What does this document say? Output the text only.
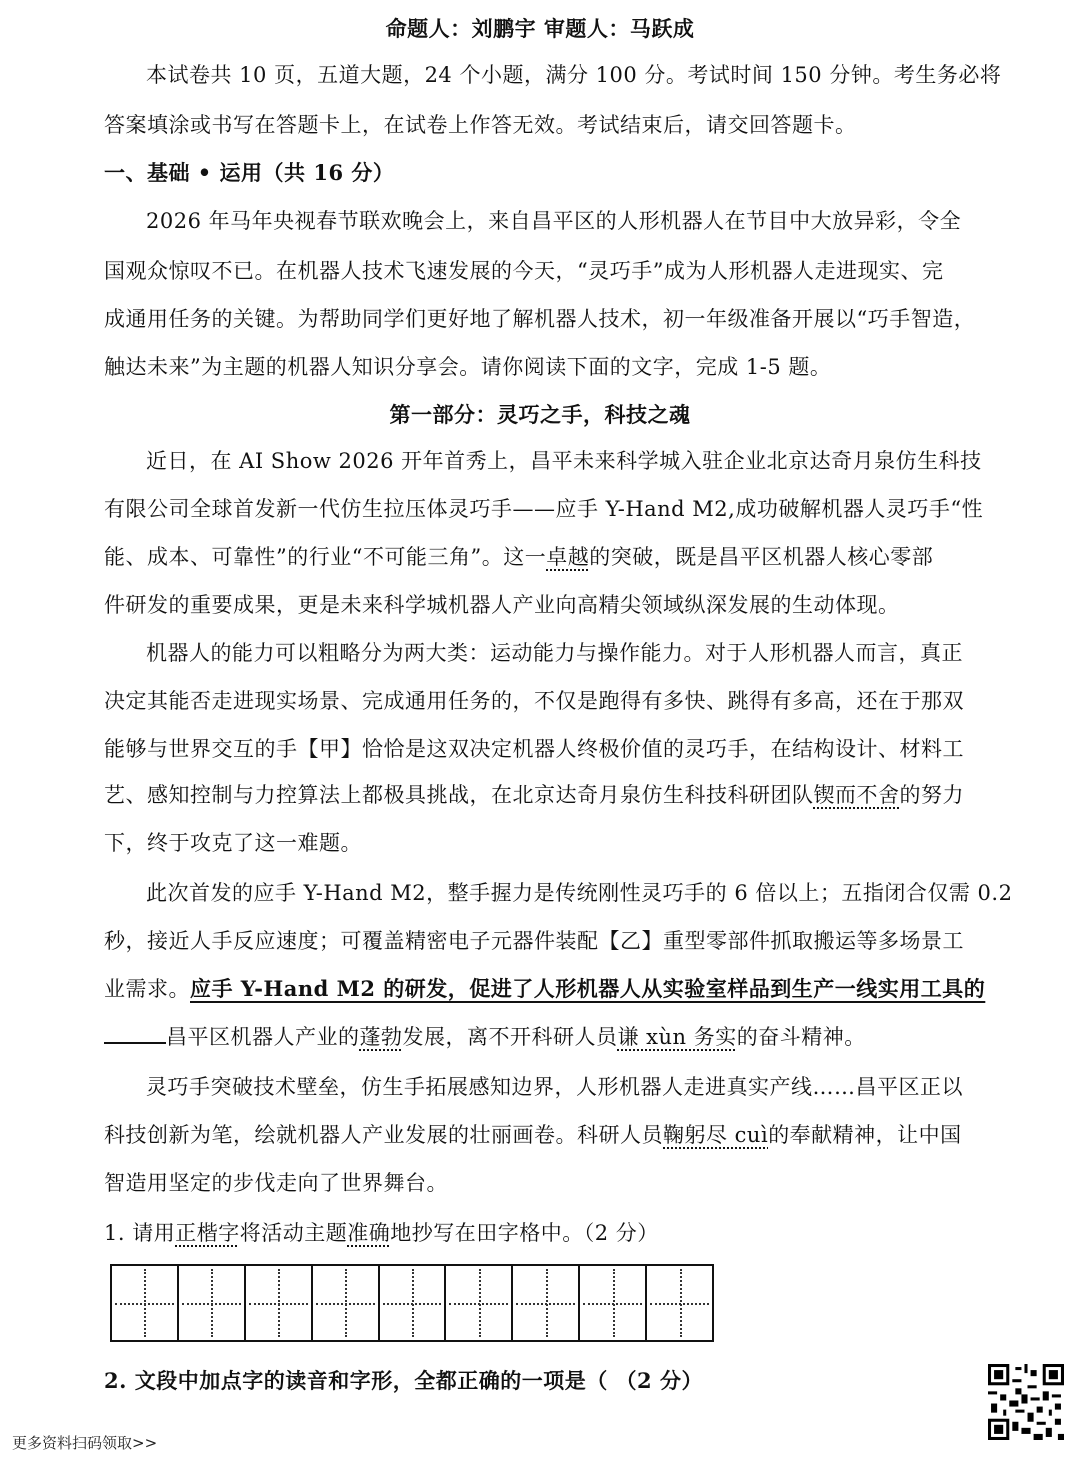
命题人：刘鹏宇 审题人：马跃成
本试卷共 10 页，五道大题，24 个小题，满分 100 分。考试时间 150 分钟。考生务必将
答案填涂或书写在答题卡上，在试卷上作答无效。考试结束后，请交回答题卡。
一、基础 • 运用（共 16 分）
2026 年马年央视春节联欢晚会上，来自昌平区的人形机器人在节目中大放异彩，令全
国观众惊叹不已。在机器人技术飞速发展的今天，“灵巧手”成为人形机器人走进现实、完
成通用任务的关键。为帮助同学们更好地了解机器人技术，初一年级准备开展以“巧手智造，
触达未来”为主题的机器人知识分享会。请你阅读下面的文字，完成 1-5 题。
第一部分：灵巧之手，科技之魂
近日，在 AI Show 2026 开年首秀上，昌平未来科学城入驻企业北京达奇月泉仿生科技
有限公司全球首发新一代仿生拉压体灵巧手——应手 Y-Hand M2,成功破解机器人灵巧手“性
能、成本、可靠性”的行业“不可能三角”。这一卓越的突破，既是昌平区机器人核心零部
件研发的重要成果，更是未来科学城机器人产业向高精尖领域纵深发展的生动体现。
机器人的能力可以粗略分为两大类：运动能力与操作能力。对于人形机器人而言，真正
决定其能否走进现实场景、完成通用任务的，不仅是跑得有多快、跳得有多高，还在于那双
能够与世界交互的手【甲】恰恰是这双决定机器人终极价值的灵巧手，在结构设计、材料工
艺、感知控制与力控算法上都极具挑战，在北京达奇月泉仿生科技科研团队锲而不舍的努力
下，终于攻克了这一难题。
此次首发的应手 Y-Hand M2，整手握力是传统刚性灵巧手的 6 倍以上；五指闭合仅需 0.2
秒，接近人手反应速度；可覆盖精密电子元器件装配【乙】重型零部件抓取搬运等多场景工
业需求。应手 Y-Hand M2 的研发，促进了人形机器人从实验室样品到生产一线实用工具的
昌平区机器人产业的蓬勃发展，离不开科研人员谦 xùn 务实的奋斗精神。
灵巧手突破技术壁垒，仿生手拓展感知边界，人形机器人走进真实产线……昌平区正以
科技创新为笔，绘就机器人产业发展的壮丽画卷。科研人员鞠躬尽 cuì的奉献精神，让中国
智造用坚定的步伐走向了世界舞台。
1. 请用正楷字将活动主题准确地抄写在田字格中。（2 分）
2. 文段中加点字的读音和字形，全都正确的一项是（ （2 分）
更多资料扫码领取>>
